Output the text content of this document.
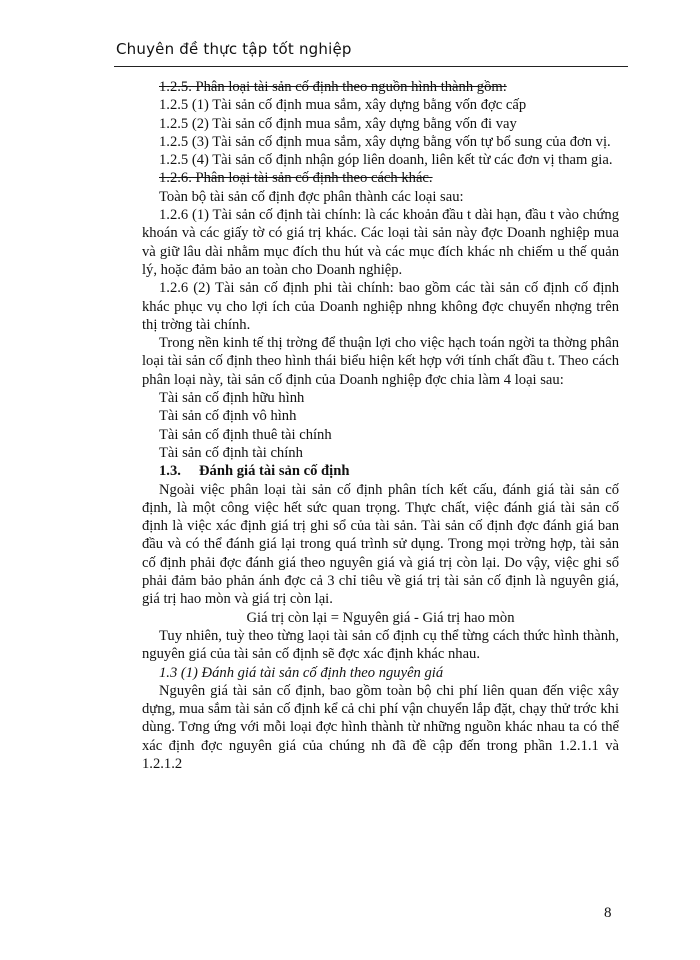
Chuyên đề thực tập tốt nghiệp

1.2.5. Phân loại tài sản cố định theo nguồn hình thành gồm:

1.2.5 (1) Tài sản cố định mua sắm, xây dựng bằng vốn đợc cấp

1.2.5 (2) Tài sản cố định mua sắm, xây dựng bằng vốn đi vay

1.2.5 (3) Tài sản cố định mua sắm, xây dựng bằng vốn tự bổ sung của đơn vị.

1.2.5 (4) Tài sản cố định nhận góp liên doanh, liên kết từ các đơn vị tham gia.

1.2.6. Phân loại tài sản cố định theo cách khác.

Toàn bộ tài sản cố định đợc phân thành các loại sau:

1.2.6 (1) Tài sản cố định tài chính: là các khoản đầu t dài hạn, đầu t vào chứng khoán và các giấy tờ có giá trị khác. Các loại tài sản này đợc Doanh nghiệp mua và giữ lâu dài nhằm mục đích thu hút và các mục đích khác nh chiếm u thế quản lý, hoặc đảm bảo an toàn cho Doanh nghiệp.

1.2.6 (2) Tài sản cố định phi tài chính: bao gồm các tài sản cố định cố định khác phục vụ cho lợi ích của Doanh nghiệp nhng không đợc chuyển nhợng trên thị trờng tài chính.

Trong nền kinh tế thị trờng để thuận lợi cho việc hạch toán ngời ta thờng phân loại tài sản cố định theo hình thái biểu hiện kết hợp với tính chất đầu t. Theo cách phân loại này, tài sản cố định của Doanh nghiệp đợc chia làm 4 loại sau:

Tài sản cố định hữu hình

Tài sản cố định vô hình

Tài sản cố định thuê tài chính

Tài sản cố định tài chính

1.3. Đánh giá tài sản cố định

Ngoài việc phân loại tài sản cố định phân tích kết cấu, đánh giá tài sản cố định, là một công việc hết sức quan trọng. Thực chất, việc đánh giá tài sản cố định là việc xác định giá trị ghi sổ của tài sản. Tài sản cố định đợc đánh giá ban đầu và có thể đánh giá lại trong quá trình sử dụng. Trong mọi trờng hợp, tài sản cố định phải đợc đánh giá theo nguyên giá và giá trị còn lại. Do vậy, việc ghi sổ phải đảm bảo phản ánh đợc cả 3 chỉ tiêu về giá trị tài sản cố định là nguyên giá, giá trị hao mòn và giá trị còn lại.

Giá trị còn lại = Nguyên giá - Giá trị hao mòn

Tuy nhiên, tuỳ theo từng laọi tài sản cố định cụ thể từng cách thức hình thành, nguyên giá của tài sản cố định sẽ đợc xác định khác nhau.

1.3 (1) Đánh giá tài sản cố định theo nguyên giá

Nguyên giá tài sản cố định, bao gồm toàn bộ chi phí liên quan đến việc xây dựng, mua sắm tài sản cố định kể cả chi phí vận chuyển lắp đặt, chạy thử trớc khi dùng. Tơng ứng với mỗi loại đợc hình thành từ những nguồn khác nhau ta có thể xác định đợc nguyên giá của chúng nh đã đề cập đến trong phần 1.2.1.1 và 1.2.1.2

8
